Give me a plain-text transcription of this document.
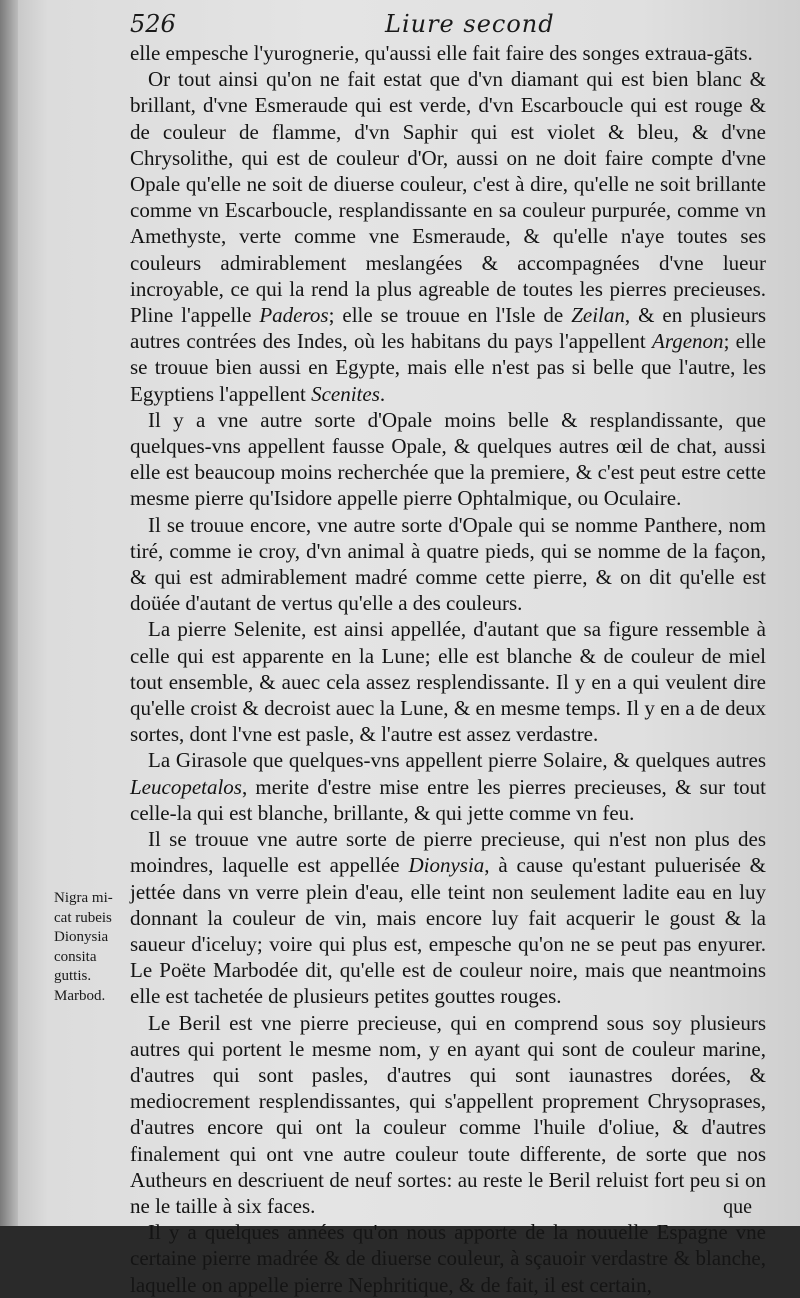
526	Liure second

elle empesche l'yurognerie, qu'aussi elle fait faire des songes extraua-gāts.

Or tout ainsi qu'on ne fait estat que d'vn diamant qui est bien blanc & brillant, d'vne Esmeraude qui est verde, d'vn Escarboucle qui est rouge & de couleur de flamme, d'vn Saphir qui est violet & bleu, & d'vne Chrysolithe, qui est de couleur d'Or, aussi on ne doit faire compte d'vne Opale qu'elle ne soit de diuerse couleur, c'est à dire, qu'elle ne soit brillante comme vn Escarboucle, resplandissante en sa couleur purpurée, comme vn Amethyste, verte comme vne Esmeraude, & qu'elle n'aye toutes ses couleurs admirablement meslangées & accompagnées d'vne lueur incroyable, ce qui la rend la plus agreable de toutes les pierres precieuses. Pline l'appelle Paderos; elle se trouue en l'Isle de Zeilan, & en plusieurs autres contrées des Indes, où les habitans du pays l'appellent Argenon; elle se trouue bien aussi en Egypte, mais elle n'est pas si belle que l'autre, les Egyptiens l'appellent Scenites.

Il y a vne autre sorte d'Opale moins belle & resplandissante, que quelques-vns appellent fausse Opale, & quelques autres œil de chat, aussi elle est beaucoup moins recherchée que la premiere, & c'est peut estre cette mesme pierre qu'Isidore appelle pierre Ophtalmique, ou Oculaire.

Il se trouue encore, vne autre sorte d'Opale qui se nomme Panthere, nom tiré, comme ie croy, d'vn animal à quatre pieds, qui se nomme de la façon, & qui est admirablement madré comme cette pierre, & on dit qu'elle est doüée d'autant de vertus qu'elle a des couleurs.

La pierre Selenite, est ainsi appellée, d'autant que sa figure ressemble à celle qui est apparente en la Lune; elle est blanche & de couleur de miel tout ensemble, & auec cela assez resplendissante. Il y en a qui veulent dire qu'elle croist & decroist auec la Lune, & en mesme temps. Il y en a de deux sortes, dont l'vne est pasle, & l'autre est assez verdastre.

La Girasole que quelques-vns appellent pierre Solaire, & quelques autres Leucopetalos, merite d'estre mise entre les pierres precieuses, & sur tout celle-la qui est blanche, brillante, & qui jette comme vn feu.

Il se trouue vne autre sorte de pierre precieuse, qui n'est non plus des moindres, laquelle est appellée Dionysia, à cause qu'estant puluerisée & jettée dans vn verre plein d'eau, elle teint non seulement ladite eau en luy donnant la couleur de vin, mais encore luy fait acquerir le goust & la saueur d'iceluy; voire qui plus est, empesche qu'on ne se peut pas enyurer. Le Poëte Marbodée dit, qu'elle est de couleur noire, mais que neantmoins elle est tachetée de plusieurs petites gouttes rouges.

Le Beril est vne pierre precieuse, qui en comprend sous soy plusieurs autres qui portent le mesme nom, y en ayant qui sont de couleur marine, d'autres qui sont pasles, d'autres qui sont iaunastres dorées, & mediocrement resplendissantes, qui s'appellent proprement Chrysoprases, d'autres encore qui ont la couleur comme l'huile d'oliue, & d'autres finalement qui ont vne autre couleur toute differente, de sorte que nos Autheurs en descriuent de neuf sortes: au reste le Beril reluist fort peu si on ne le taille à six faces.

Il y a quelques années qu'on nous apporte de la nouuelle Espagne vne certaine pierre madrée & de diuerse couleur, à sçauoir verdastre & blanche, laquelle on appelle pierre Nephritique, & de fait, il est certain,

Nigra mi-
cat rubeis
Dionysia
consita
guttis.
Marbod.
que
